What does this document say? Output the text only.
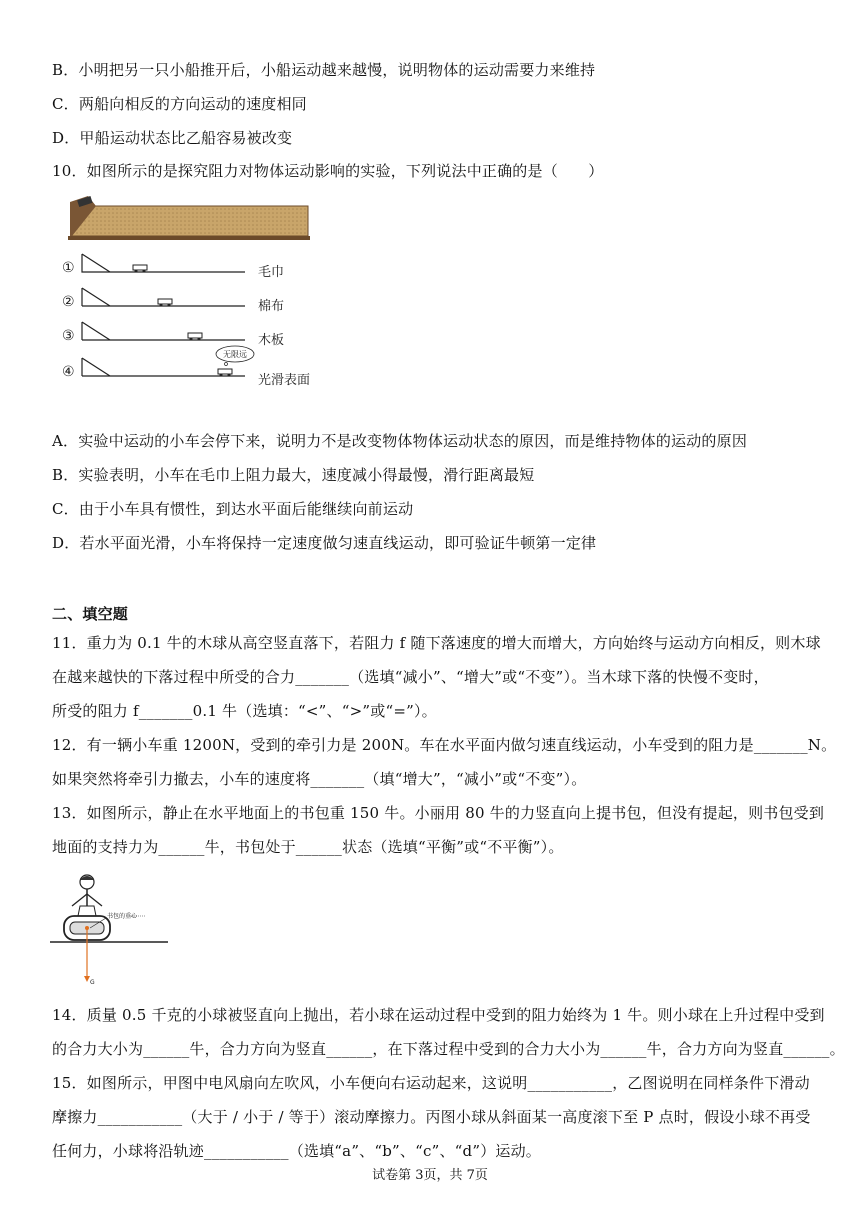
B．小明把另一只小船推开后，小船运动越来越慢，说明物体的运动需要力来维持
C．两船向相反的方向运动的速度相同
D．甲船运动状态比乙船容易被改变
10．如图所示的是探究阻力对物体运动影响的实验，下列说法中正确的是（　　）
①	毛巾
②	棉布
③	木板
④
无限远
光滑表面
A．实验中运动的小车会停下来，说明力不是改变物体物体运动状态的原因，而是维持物体的运动的原因
B．实验表明，小车在毛巾上阻力最大，速度减小得最慢，滑行距离最短
C．由于小车具有惯性，到达水平面后能继续向前运动
D．若水平面光滑，小车将保持一定速度做匀速直线运动，即可验证牛顿第一定律
二、填空题
11．重力为 0.1 牛的木球从高空竖直落下，若阻力 f 随下落速度的增大而增大，方向始终与运动方向相反，则木球
在越来越快的下落过程中所受的合力_______（选填“减小”、“增大”或“不变”）。当木球下落的快慢不变时，
所受的阻力 f_______0.1 牛（选填：“<”、“>”或“=”）。
12．有一辆小车重 1200N，受到的牵引力是 200N。车在水平面内做匀速直线运动，小车受到的阻力是_______N。
如果突然将牵引力撤去，小车的速度将_______（填“增大”，“减小”或“不变”）。
13．如图所示，静止在水平地面上的书包重 150 牛。小丽用 80 牛的力竖直向上提书包，但没有提起，则书包受到
地面的支持力为______牛，书包处于______状态（选填“平衡”或“不平衡”）。
书包的重心
G
14．质量 0.5 千克的小球被竖直向上抛出，若小球在运动过程中受到的阻力始终为 1 牛。则小球在上升过程中受到
的合力大小为______牛，合力方向为竖直______，在下落过程中受到的合力大小为______牛，合力方向为竖直______。
15．如图所示，甲图中电风扇向左吹风，小车便向右运动起来，这说明___________，乙图说明在同样条件下滑动
摩擦力___________（大于 / 小于 / 等于）滚动摩擦力。丙图小球从斜面某一高度滚下至 P 点时，假设小球不再受
任何力，小球将沿轨迹___________（选填“a”、“b”、“c”、“d”）运动。
试卷第 3页，共 7页
